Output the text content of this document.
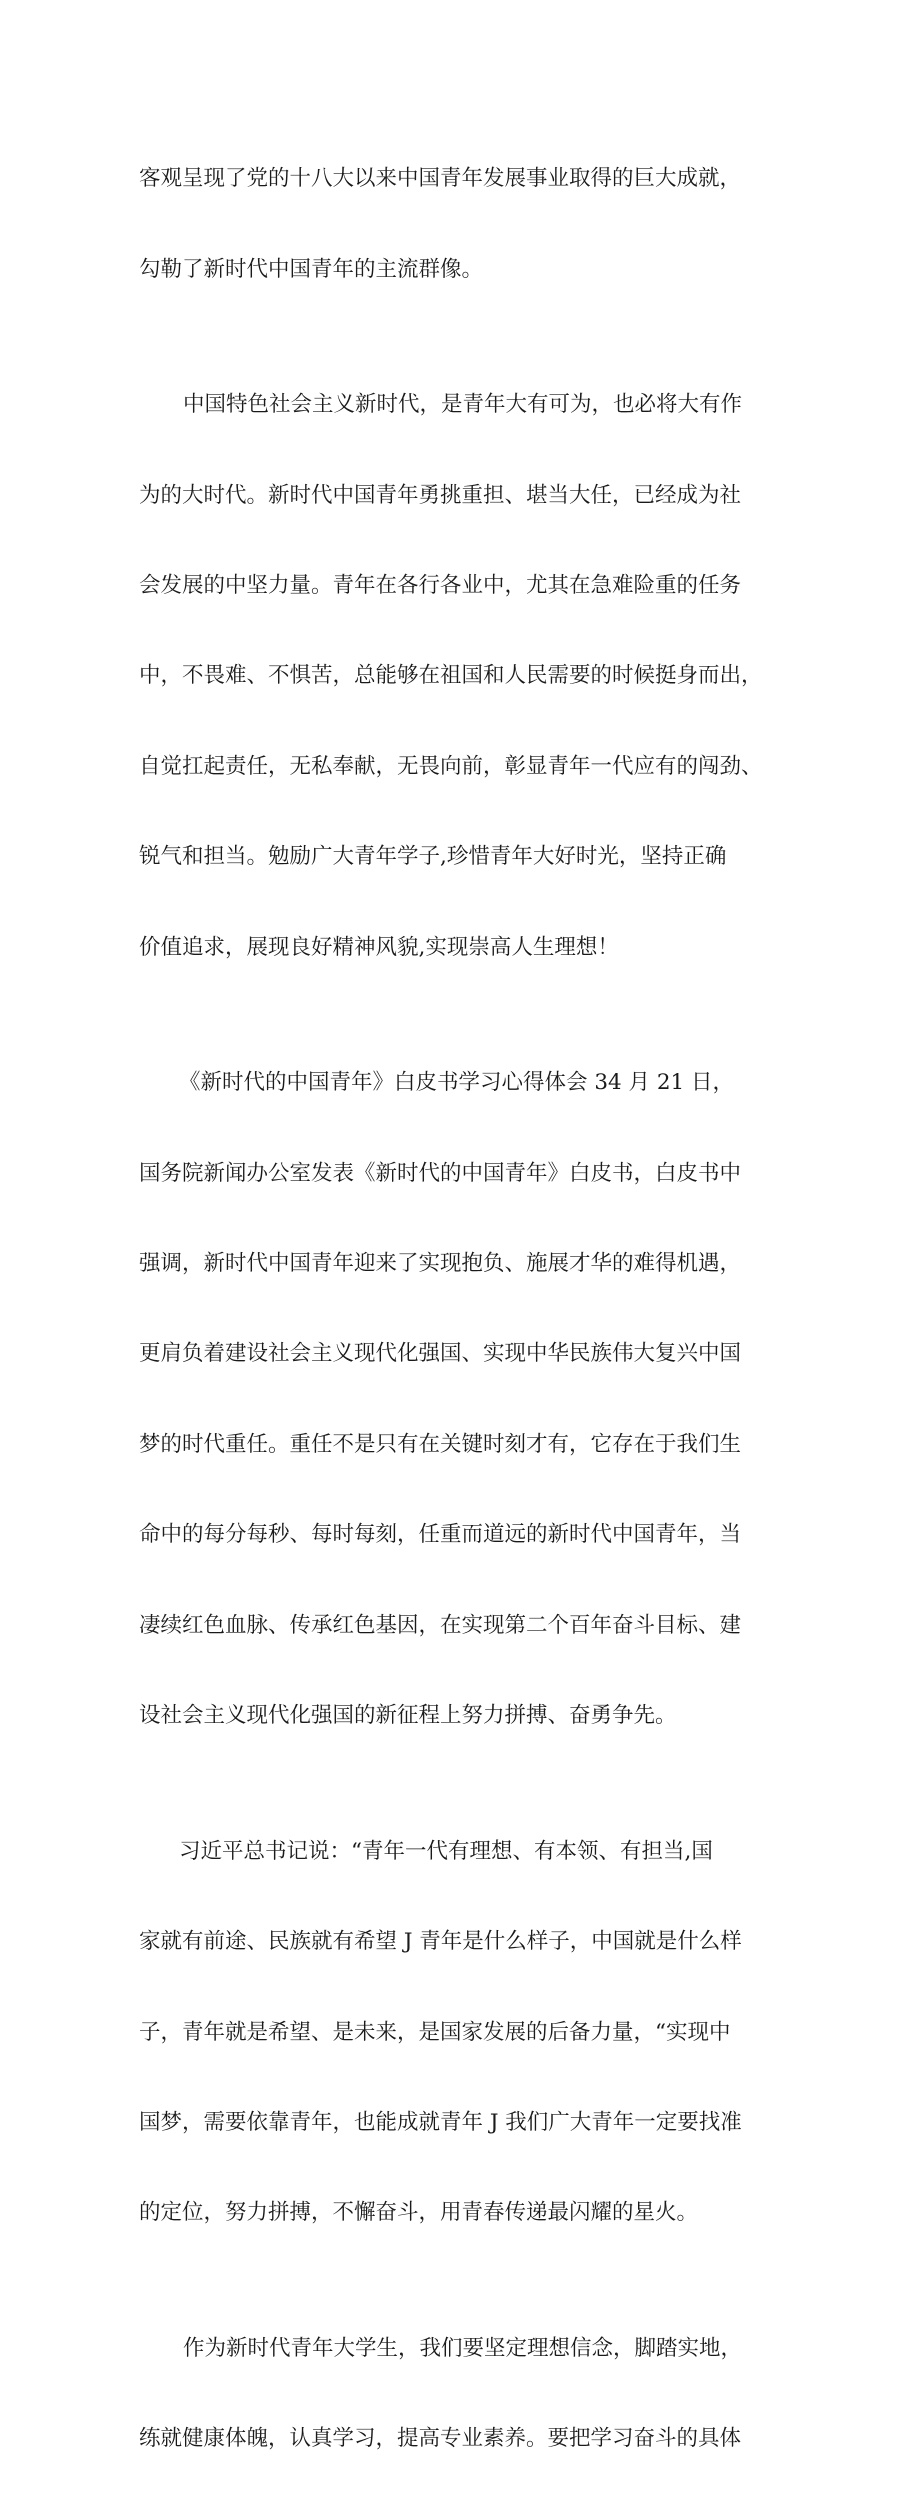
客观呈现了党的十八大以来中国青年发展事业取得的巨大成就，

勾勒了新时代中国青年的主流群像。

中国特色社会主义新时代，是青年大有可为，也必将大有作

为的大时代。新时代中国青年勇挑重担、堪当大任，已经成为社

会发展的中坚力量。青年在各行各业中，尤其在急难险重的任务

中，不畏难、不惧苦，总能够在祖国和人民需要的时候挺身而出，

自觉扛起责任，无私奉献，无畏向前，彰显青年一代应有的闯劲、

锐气和担当。勉励广大青年学子,珍惜青年大好时光，坚持正确

价值追求，展现良好精神风貌,实现崇高人生理想！

《新时代的中国青年》白皮书学习心得体会 34 月 21 日，

国务院新闻办公室发表《新时代的中国青年》白皮书，白皮书中

强调，新时代中国青年迎来了实现抱负、施展才华的难得机遇，

更肩负着建设社会主义现代化强国、实现中华民族伟大复兴中国

梦的时代重任。重任不是只有在关键时刻才有，它存在于我们生

命中的每分每秒、每时每刻，任重而道远的新时代中国青年，当

凄续红色血脉、传承红色基因，在实现第二个百年奋斗目标、建

设社会主义现代化强国的新征程上努力拼搏、奋勇争先。

习近平总书记说：“青年一代有理想、有本领、有担当,国

家就有前途、民族就有希望 J 青年是什么样子，中国就是什么样

子，青年就是希望、是未来，是国家发展的后备力量，“实现中

国梦，需要依靠青年，也能成就青年 J 我们广大青年一定要找准

的定位，努力拼搏，不懈奋斗，用青春传递最闪耀的星火。

作为新时代青年大学生，我们要坚定理想信念，脚踏实地，

练就健康体魄，认真学习，提高专业素养。要把学习奋斗的具体
